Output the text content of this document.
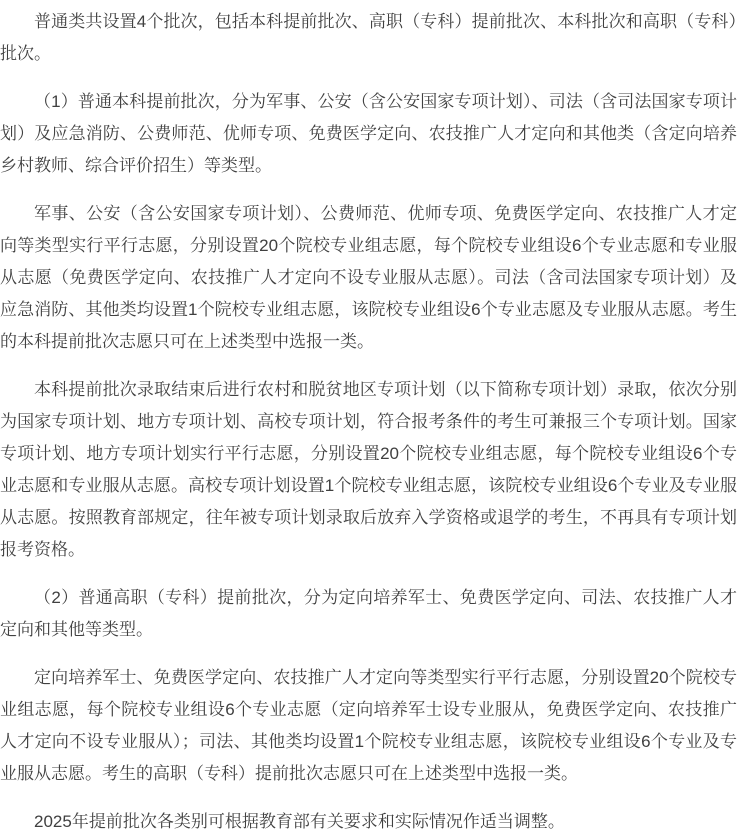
普通类共设置4个批次，包括本科提前批次、高职（专科）提前批次、本科批次和高职（专科）批次。

（1）普通本科提前批次，分为军事、公安（含公安国家专项计划）、司法（含司法国家专项计划）及应急消防、公费师范、优师专项、免费医学定向、农技推广人才定向和其他类（含定向培养乡村教师、综合评价招生）等类型。

军事、公安（含公安国家专项计划）、公费师范、优师专项、免费医学定向、农技推广人才定向等类型实行平行志愿，分别设置20个院校专业组志愿，每个院校专业组设6个专业志愿和专业服从志愿（免费医学定向、农技推广人才定向不设专业服从志愿）。司法（含司法国家专项计划）及应急消防、其他类均设置1个院校专业组志愿，该院校专业组设6个专业志愿及专业服从志愿。考生的本科提前批次志愿只可在上述类型中选报一类。

本科提前批次录取结束后进行农村和脱贫地区专项计划（以下简称专项计划）录取，依次分别为国家专项计划、地方专项计划、高校专项计划，符合报考条件的考生可兼报三个专项计划。国家专项计划、地方专项计划实行平行志愿，分别设置20个院校专业组志愿，每个院校专业组设6个专业志愿和专业服从志愿。高校专项计划设置1个院校专业组志愿，该院校专业组设6个专业及专业服从志愿。按照教育部规定，往年被专项计划录取后放弃入学资格或退学的考生，不再具有专项计划报考资格。

（2）普通高职（专科）提前批次，分为定向培养军士、免费医学定向、司法、农技推广人才定向和其他等类型。

定向培养军士、免费医学定向、农技推广人才定向等类型实行平行志愿，分别设置20个院校专业组志愿，每个院校专业组设6个专业志愿（定向培养军士设专业服从，免费医学定向、农技推广人才定向不设专业服从）；司法、其他类均设置1个院校专业组志愿，该院校专业组设6个专业及专业服从志愿。考生的高职（专科）提前批次志愿只可在上述类型中选报一类。

2025年提前批次各类别可根据教育部有关要求和实际情况作适当调整。
